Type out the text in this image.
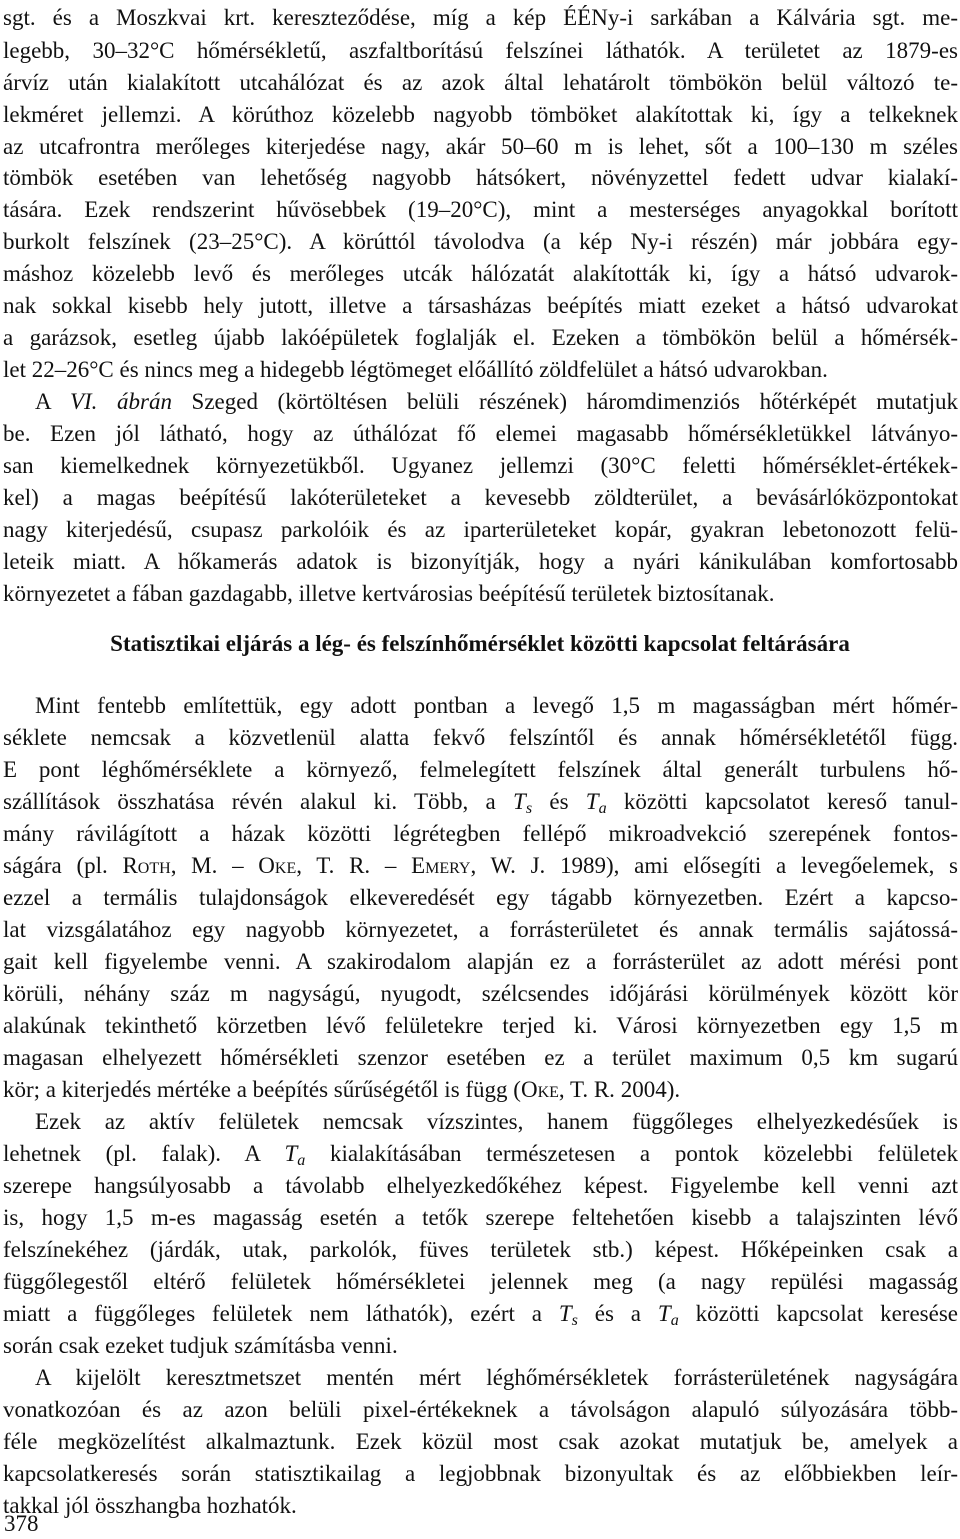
sgt. és a Moszkvai krt. kereszteződése, míg a kép ÉÉNy-i sarkában a Kálvária sgt. me-
legebb, 30–32°C hőmérsékletű, aszfaltborítású felszínei láthatók. A területet az 1879-es
árvíz után kialakított utcahálózat és az azok által lehatárolt tömbökön belül változó te-
lekméret jellemzi. A körúthoz közelebb nagyobb tömböket alakítottak ki, így a telkeknek
az utcafrontra merőleges kiterjedése nagy, akár 50–60 m is lehet, sőt a 100–130 m széles
tömbök esetében van lehetőség nagyobb hátsókert, növényzettel fedett udvar kialakí-
tására. Ezek rendszerint hűvösebbek (19–20°C), mint a mesterséges anyagokkal borított
burkolt felszínek (23–25°C). A körúttól távolodva (a kép Ny-i részén) már jobbára egy-
máshoz közelebb levő és merőleges utcák hálózatát alakították ki, így a hátsó udvarok-
nak sokkal kisebb hely jutott, illetve a társasházas beépítés miatt ezeket a hátsó udvarokat
a garázsok, esetleg újabb lakóépületek foglalják el. Ezeken a tömbökön belül a hőmérsék-
let 22–26°C és nincs meg a hidegebb légtömeget előállító zöldfelület a hátsó udvarokban.
A VI. ábrán Szeged (körtöltésen belüli részének) háromdimenziós hőtérképét mutatjuk
be. Ezen jól látható, hogy az úthálózat fő elemei magasabb hőmérsékletükkel látványo-
san kiemelkednek környezetükből. Ugyanez jellemzi (30°C feletti hőmérséklet-értékek-
kel) a magas beépítésű lakóterületeket a kevesebb zöldterület, a bevásárlóközpontokat
nagy kiterjedésű, csupasz parkolóik és az iparterületeket kopár, gyakran lebetonozott felü-
leteik miatt. A hőkamerás adatok is bizonyítják, hogy a nyári kánikulában komfortosabb
környezetet a fában gazdagabb, illetve kertvárosias beépítésű területek biztosítanak.
Statisztikai eljárás a lég- és felszínhőmérséklet közötti kapcsolat feltárására
Mint fentebb említettük, egy adott pontban a levegő 1,5 m magasságban mért hőmér-
séklete nemcsak a közvetlenül alatta fekvő felszíntől és annak hőmérsékletétől függ.
E pont léghőmérséklete a környező, felmelegített felszínek által generált turbulens hő-
szállítások összhatása révén alakul ki. Több, a $T_s$ és $T_a$ közötti kapcsolatot kereső tanul-
mány rávilágított a házak közötti légrétegben fellépő mikroadvekció szerepének fontos-
ságára (pl. Roth, M. – Oke, T. R. – Emery, W. J. 1989), ami elősegíti a levegőelemek, s
ezzel a termális tulajdonságok elkeveredését egy tágabb környezetben. Ezért a kapcso-
lat vizsgálatához egy nagyobb környezetet, a forrásterületet és annak termális sajátossá-
gait kell figyelembe venni. A szakirodalom alapján ez a forrásterület az adott mérési pont
körüli, néhány száz m nagyságú, nyugodt, szélcsendes időjárási körülmények között kör
alakúnak tekinthető körzetben lévő felületekre terjed ki. Városi környezetben egy 1,5 m
magasan elhelyezett hőmérsékleti szenzor esetében ez a terület maximum 0,5 km sugarú
kör; a kiterjedés mértéke a beépítés sűrűségétől is függ (Oke, T. R. 2004).
Ezek az aktív felületek nemcsak vízszintes, hanem függőleges elhelyezkedésűek is
lehetnek (pl. falak). A $T_a$ kialakításában természetesen a pontok közelebbi felületek
szerepe hangsúlyosabb a távolabb elhelyezkedőkéhez képest. Figyelembe kell venni azt
is, hogy 1,5 m-es magasság esetén a tetők szerepe feltehetően kisebb a talajszinten lévő
felszínekéhez (járdák, utak, parkolók, füves területek stb.) képest. Hőképeinken csak a
függőlegestől eltérő felületek hőmérsékletei jelennek meg (a nagy repülési magasság
miatt a függőleges felületek nem láthatók), ezért a $T_s$ és a $T_a$ közötti kapcsolat keresése
során csak ezeket tudjuk számításba venni.
A kijelölt keresztmetszet mentén mért léghőmérsékletek forrásterületének nagyságára
vonatkozóan és az azon belüli pixel-értékeknek a távolságon alapuló súlyozására több-
féle megközelítést alkalmaztunk. Ezek közül most csak azokat mutatjuk be, amelyek a
kapcsolatkeresés során statisztikailag a legjobbnak bizonyultak és az előbbiekben leír-
takkal jól összhangba hozhatók.
378
